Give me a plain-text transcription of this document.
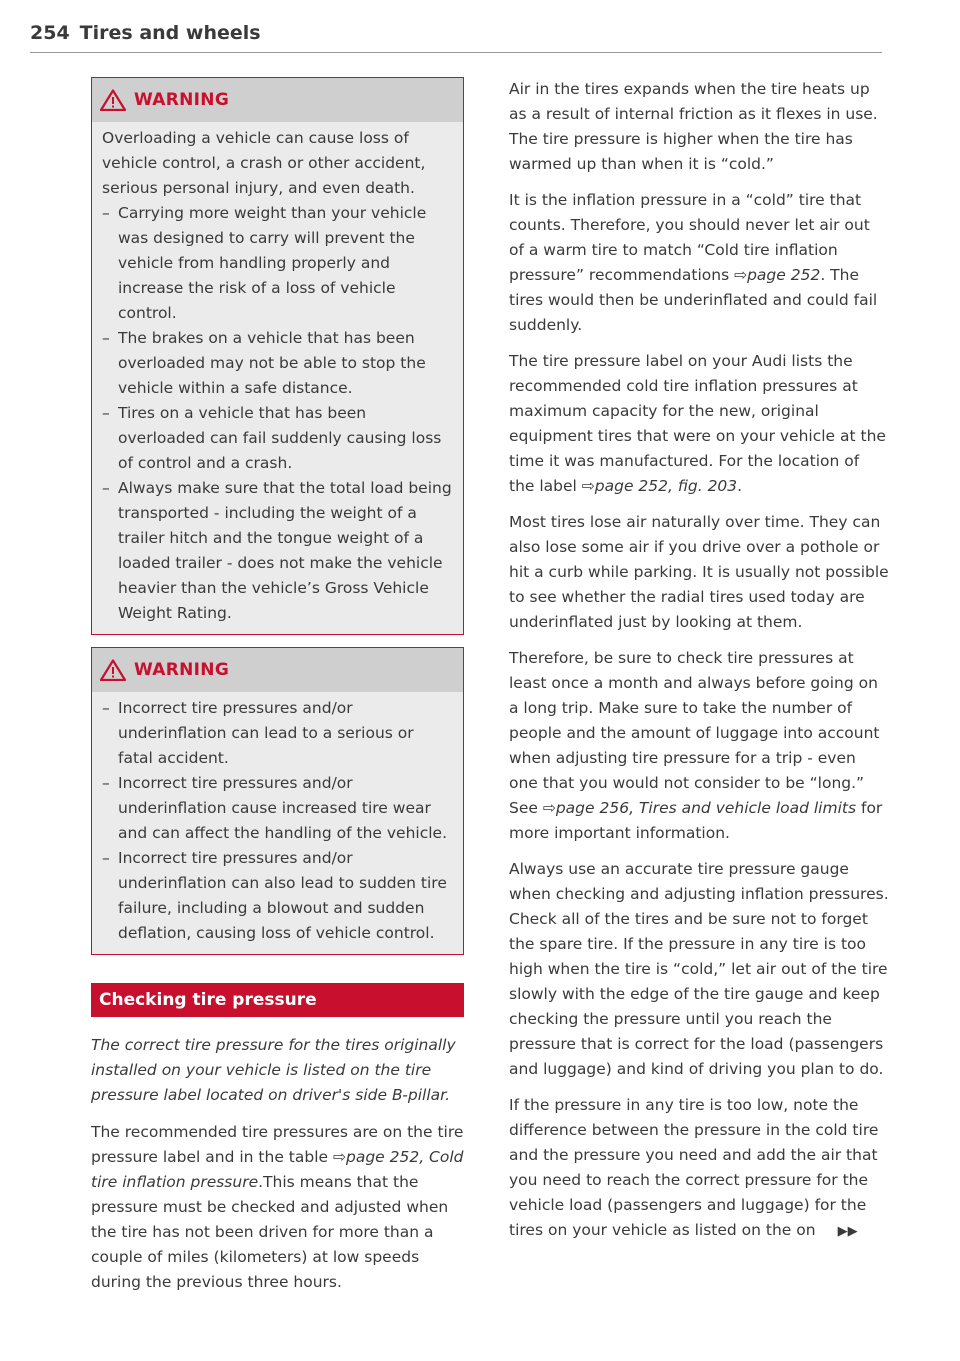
254 Tires and wheels
WARNING

Overloading a vehicle can cause loss of vehicle control, a crash or other accident, serious personal injury, and even death.

– Carrying more weight than your vehicle was designed to carry will prevent the vehicle from handling properly and increase the risk of a loss of vehicle control.
– The brakes on a vehicle that has been overloaded may not be able to stop the vehicle within a safe distance.
– Tires on a vehicle that has been overloaded can fail suddenly causing loss of control and a crash.
– Always make sure that the total load being transported - including the weight of a trailer hitch and the tongue weight of a loaded trailer - does not make the vehicle heavier than the vehicle’s Gross Vehicle Weight Rating.
WARNING
– Incorrect tire pressures and/or underinflation can lead to a serious or fatal accident.
– Incorrect tire pressures and/or underinflation cause increased tire wear and can affect the handling of the vehicle.
– Incorrect tire pressures and/or underinflation can also lead to sudden tire failure, including a blowout and sudden deflation, causing loss of vehicle control.
Checking tire pressure

The correct tire pressure for the tires originally installed on your vehicle is listed on the tire pressure label located on driver's side B-pillar.

The recommended tire pressures are on the tire pressure label and in the table ⇨page 252, Cold tire inflation pressure.This means that the pressure must be checked and adjusted when the tire has not been driven for more than a couple of miles (kilometers) at low speeds during the previous three hours.

Air in the tires expands when the tire heats up as a result of internal friction as it flexes in use. The tire pressure is higher when the tire has warmed up than when it is “cold.”

It is the inflation pressure in a “cold” tire that counts. Therefore, you should never let air out of a warm tire to match “Cold tire inflation pressure” recommendations ⇨page 252. The tires would then be underinflated and could fail suddenly.

The tire pressure label on your Audi lists the recommended cold tire inflation pressures at maximum capacity for the new, original equipment tires that were on your vehicle at the time it was manufactured. For the location of the label ⇨page 252, fig. 203.

Most tires lose air naturally over time. They can also lose some air if you drive over a pothole or hit a curb while parking. It is usually not possible to see whether the radial tires used today are underinflated just by looking at them.

Therefore, be sure to check tire pressures at least once a month and always before going on a long trip. Make sure to take the number of people and the amount of luggage into account when adjusting tire pressure for a trip - even one that you would not consider to be “long.” See ⇨page 256, Tires and vehicle load limits for more important information.

Always use an accurate tire pressure gauge when checking and adjusting inflation pressures. Check all of the tires and be sure not to forget the spare tire. If the pressure in any tire is too high when the tire is “cold,” let air out of the tire slowly with the edge of the tire gauge and keep checking the pressure until you reach the pressure that is correct for the load (passengers and luggage) and kind of driving you plan to do.

If the pressure in any tire is too low, note the difference between the pressure in the cold tire and the pressure you need and add the air that you need to reach the correct pressure for the vehicle load (passengers and luggage) for the tires on your vehicle as listed on the on ▶▶
